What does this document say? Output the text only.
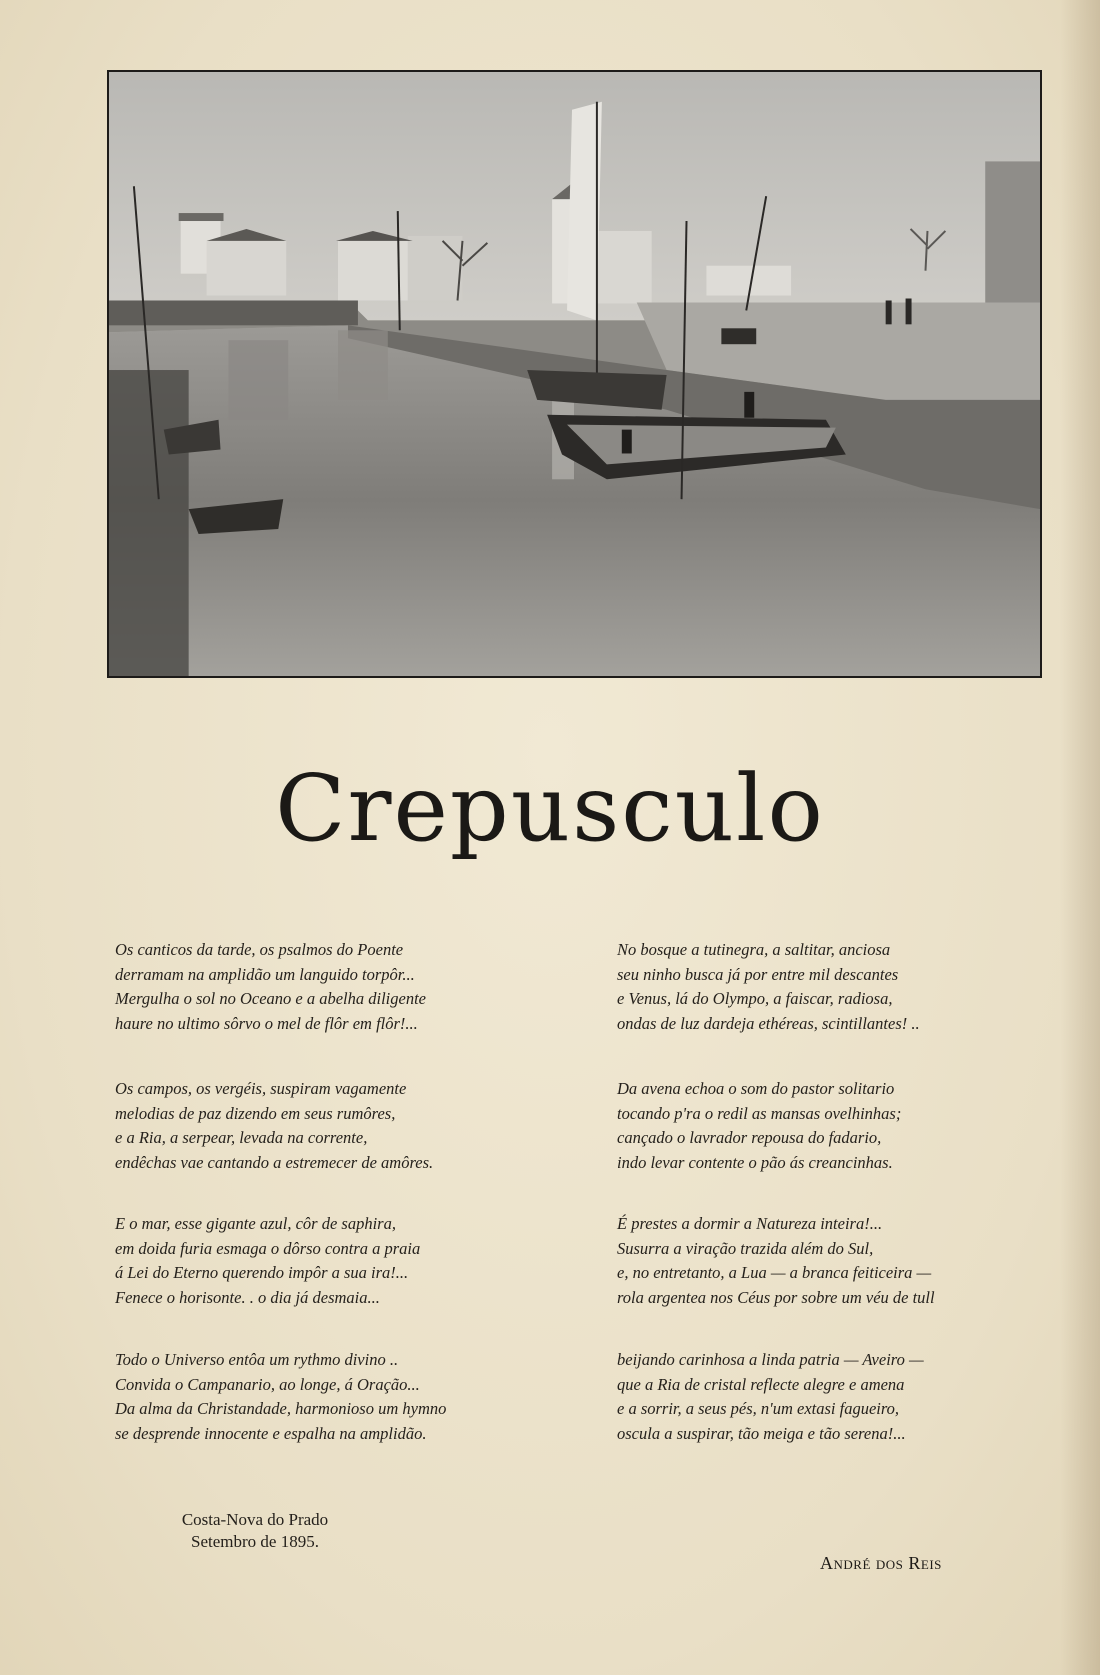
Crepusculo
Os canticos da tarde, os psalmos do Poente
derramam na amplidão um languido torpôr...
Mergulha o sol no Oceano e a abelha diligente
haure no ultimo sôrvo o mel de flôr em flôr!...
Os campos, os vergéis, suspiram vagamente
melodias de paz dizendo em seus rumôres,
e a Ria, a serpear, levada na corrente,
endêchas vae cantando a estremecer de amôres.
E o mar, esse gigante azul, côr de saphira,
em doida furia esmaga o dôrso contra a praia
á Lei do Eterno querendo impôr a sua ira!...
Fenece o horisonte. . o dia já desmaia...
Todo o Universo entôa um rythmo divino ..
Convida o Campanario, ao longe, á Oração...
Da alma da Christandade, harmonioso um hymno
se desprende innocente e espalha na amplidão.
No bosque a tutinegra, a saltitar, anciosa
seu ninho busca já por entre mil descantes
e Venus, lá do Olympo, a faiscar, radiosa,
ondas de luz dardeja ethéreas, scintillantes! ..
Da avena echoa o som do pastor solitario
tocando p'ra o redil as mansas ovelhinhas;
cançado o lavrador repousa do fadario,
indo levar contente o pão ás creancinhas.
É prestes a dormir a Natureza inteira!...
Susurra a viração trazida além do Sul,
e, no entretanto, a Lua — a branca feiticeira —
rola argentea nos Céus por sobre um véu de tull
beijando carinhosa a linda patria — Aveiro —
que a Ria de cristal reflecte alegre e amena
e a sorrir, a seus pés, n'um extasi fagueiro,
oscula a suspirar, tão meiga e tão serena!...
Costa-Nova do Prado
Setembro de 1895.
André dos Reis
